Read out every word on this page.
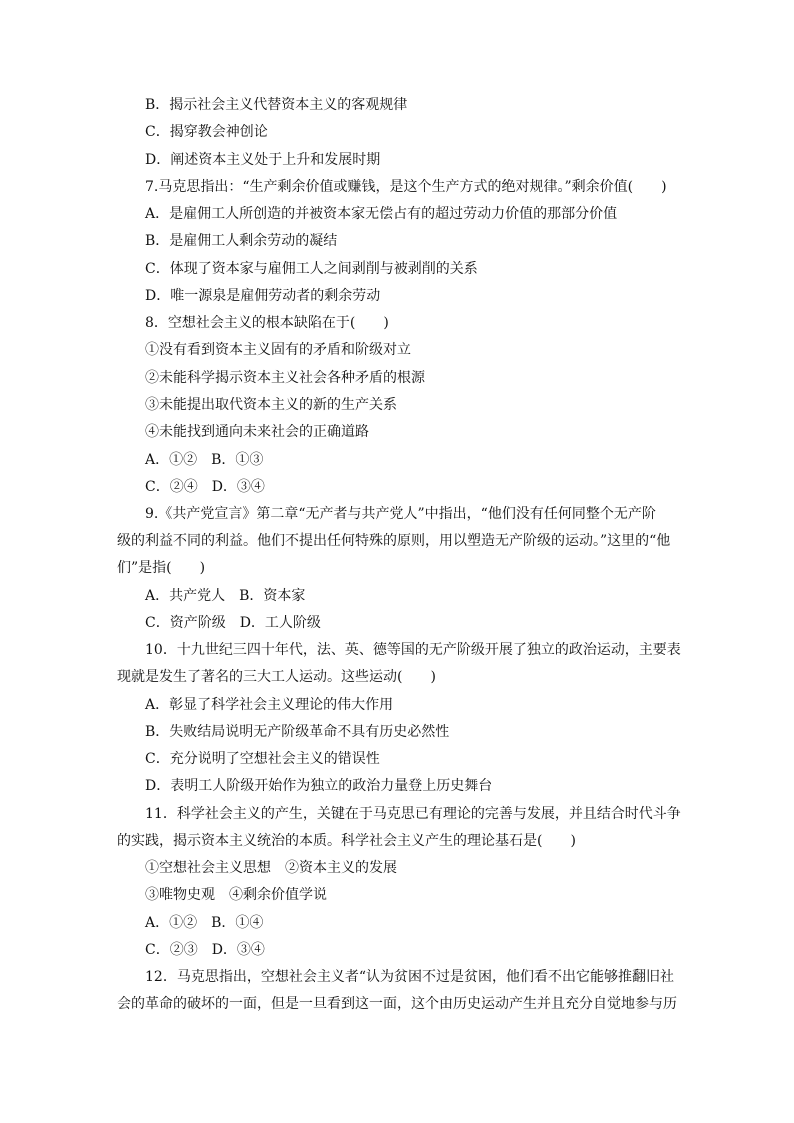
B．揭示社会主义代替资本主义的客观规律
C．揭穿教会神创论
D．阐述资本主义处于上升和发展时期
7.马克思指出：“生产剩余价值或赚钱，是这个生产方式的绝对规律。”剩余价值(　　)
A．是雇佣工人所创造的并被资本家无偿占有的超过劳动力价值的那部分价值
B．是雇佣工人剩余劳动的凝结
C．体现了资本家与雇佣工人之间剥削与被剥削的关系
D．唯一源泉是雇佣劳动者的剩余劳动
8．空想社会主义的根本缺陷在于(　　)
①没有看到资本主义固有的矛盾和阶级对立
②未能科学揭示资本主义社会各种矛盾的根源
③未能提出取代资本主义的新的生产关系
④未能找到通向未来社会的正确道路
A．①②　B．①③
C．②④　D．③④
9.《共产党宣言》第二章“无产者与共产党人”中指出，“他们没有任何同整个无产阶
级的利益不同的利益。他们不提出任何特殊的原则，用以塑造无产阶级的运动。”这里的“他
们”是指(　　)
A．共产党人　B．资本家
C．资产阶级　D．工人阶级
10．十九世纪三四十年代，法、英、德等国的无产阶级开展了独立的政治运动，主要表
现就是发生了著名的三大工人运动。这些运动(　　)
A．彰显了科学社会主义理论的伟大作用
B．失败结局说明无产阶级革命不具有历史必然性
C．充分说明了空想社会主义的错误性
D．表明工人阶级开始作为独立的政治力量登上历史舞台
11．科学社会主义的产生，关键在于马克思已有理论的完善与发展，并且结合时代斗争
的实践，揭示资本主义统治的本质。科学社会主义产生的理论基石是(　　)
①空想社会主义思想　②资本主义的发展
③唯物史观　④剩余价值学说
A．①②　B．①④
C．②③　D．③④
12．马克思指出，空想社会主义者“认为贫困不过是贫困，他们看不出它能够推翻旧社
会的革命的破坏的一面，但是一旦看到这一面，这个由历史运动产生并且充分自觉地参与历
